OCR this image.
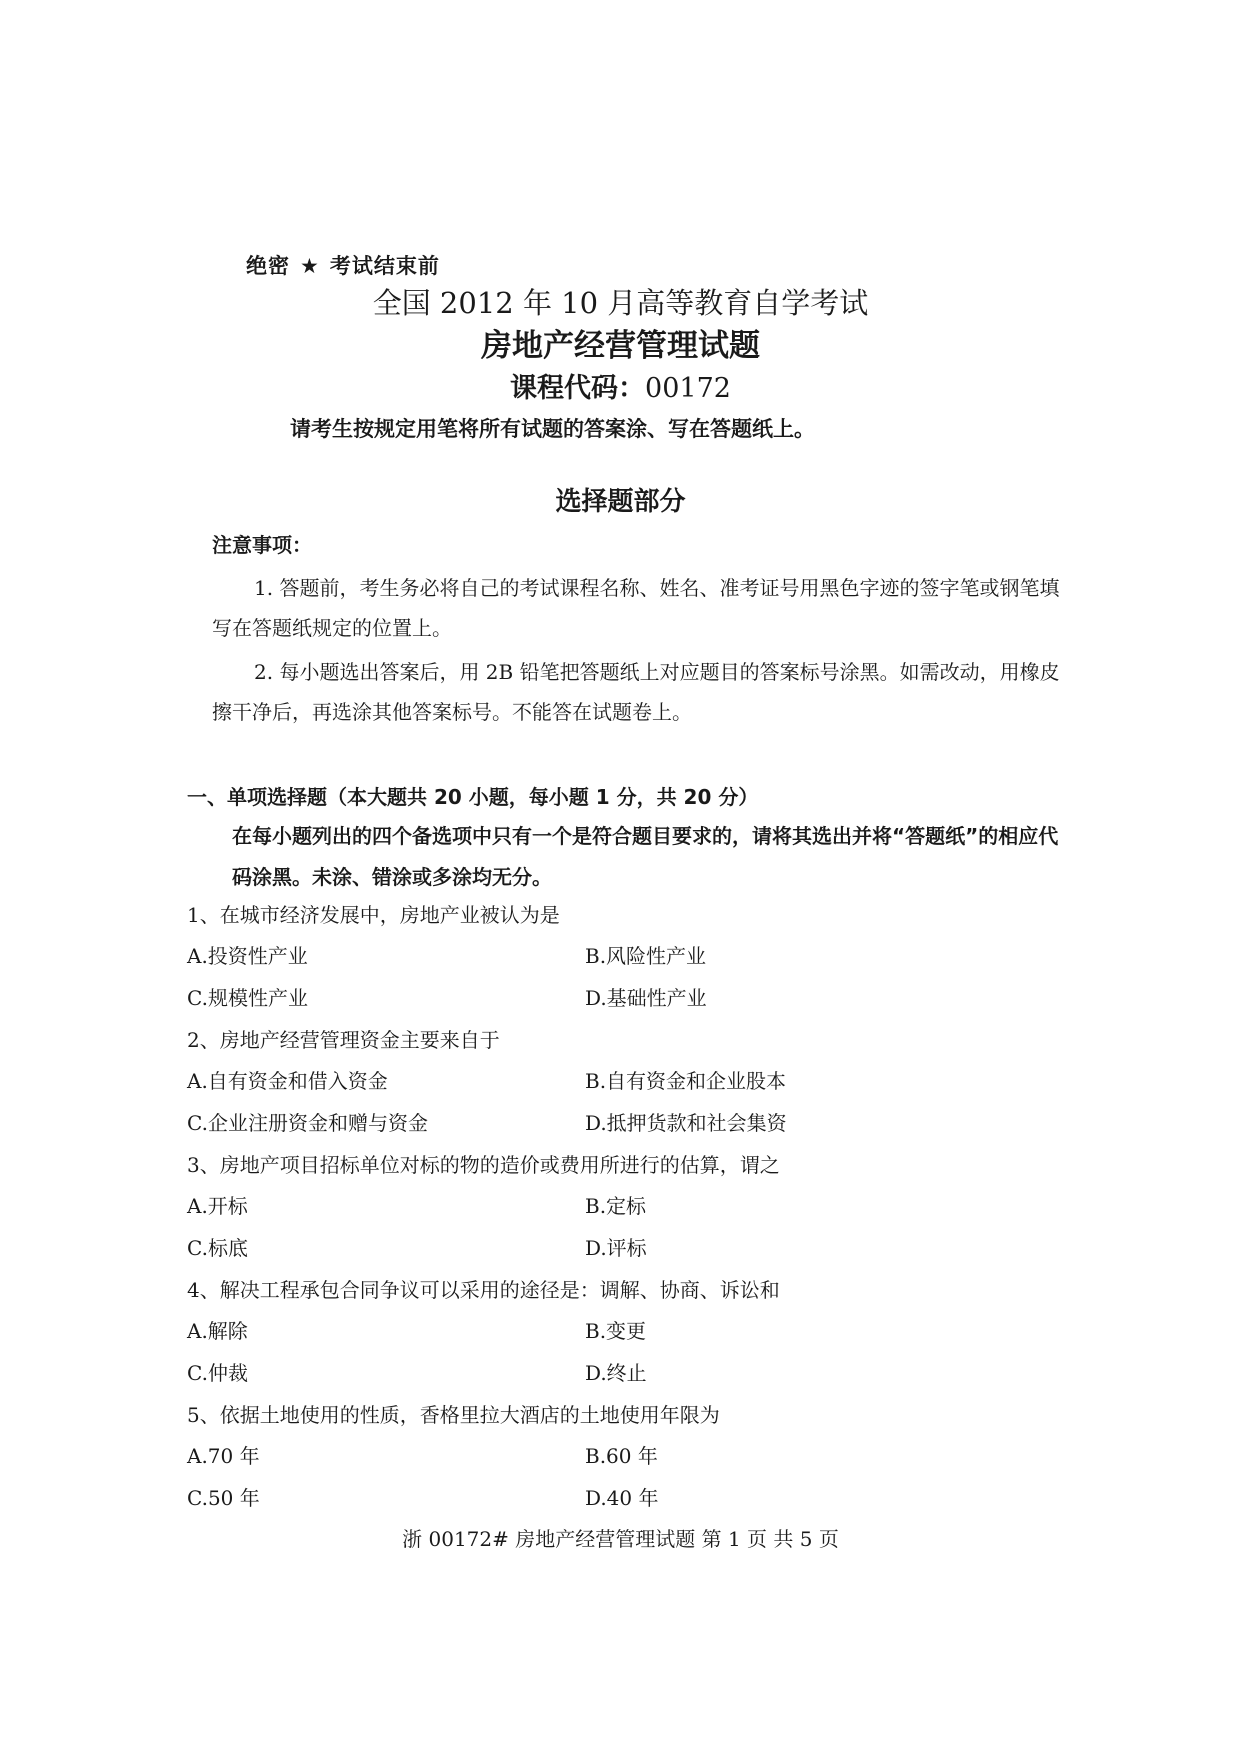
绝密 ★ 考试结束前
全国 2012 年 10 月高等教育自学考试
房地产经营管理试题
课程代码：00172
请考生按规定用笔将所有试题的答案涂、写在答题纸上。
选择题部分
注意事项：
1. 答题前，考生务必将自己的考试课程名称、姓名、准考证号用黑色字迹的签字笔或钢笔填写在答题纸规定的位置上。
2. 每小题选出答案后，用 2B 铅笔把答题纸上对应题目的答案标号涂黑。如需改动，用橡皮擦干净后，再选涂其他答案标号。不能答在试题卷上。
一、单项选择题（本大题共 20 小题，每小题 1 分，共 20 分）
在每小题列出的四个备选项中只有一个是符合题目要求的，请将其选出并将“答题纸”的相应代码涂黑。未涂、错涂或多涂均无分。
1、在城市经济发展中，房地产业被认为是
A.投资性产业	B.风险性产业
C.规模性产业	D.基础性产业
2、房地产经营管理资金主要来自于
A.自有资金和借入资金	B.自有资金和企业股本
C.企业注册资金和赠与资金	D.抵押货款和社会集资
3、房地产项目招标单位对标的物的造价或费用所进行的估算，谓之
A.开标	B.定标
C.标底	D.评标
4、解决工程承包合同争议可以采用的途径是：调解、协商、诉讼和
A.解除	B.变更
C.仲裁	D.终止
5、依据土地使用的性质，香格里拉大酒店的土地使用年限为
A.70 年	B.60 年
C.50 年	D.40 年
浙 00172# 房地产经营管理试题 第 1 页 共 5 页
